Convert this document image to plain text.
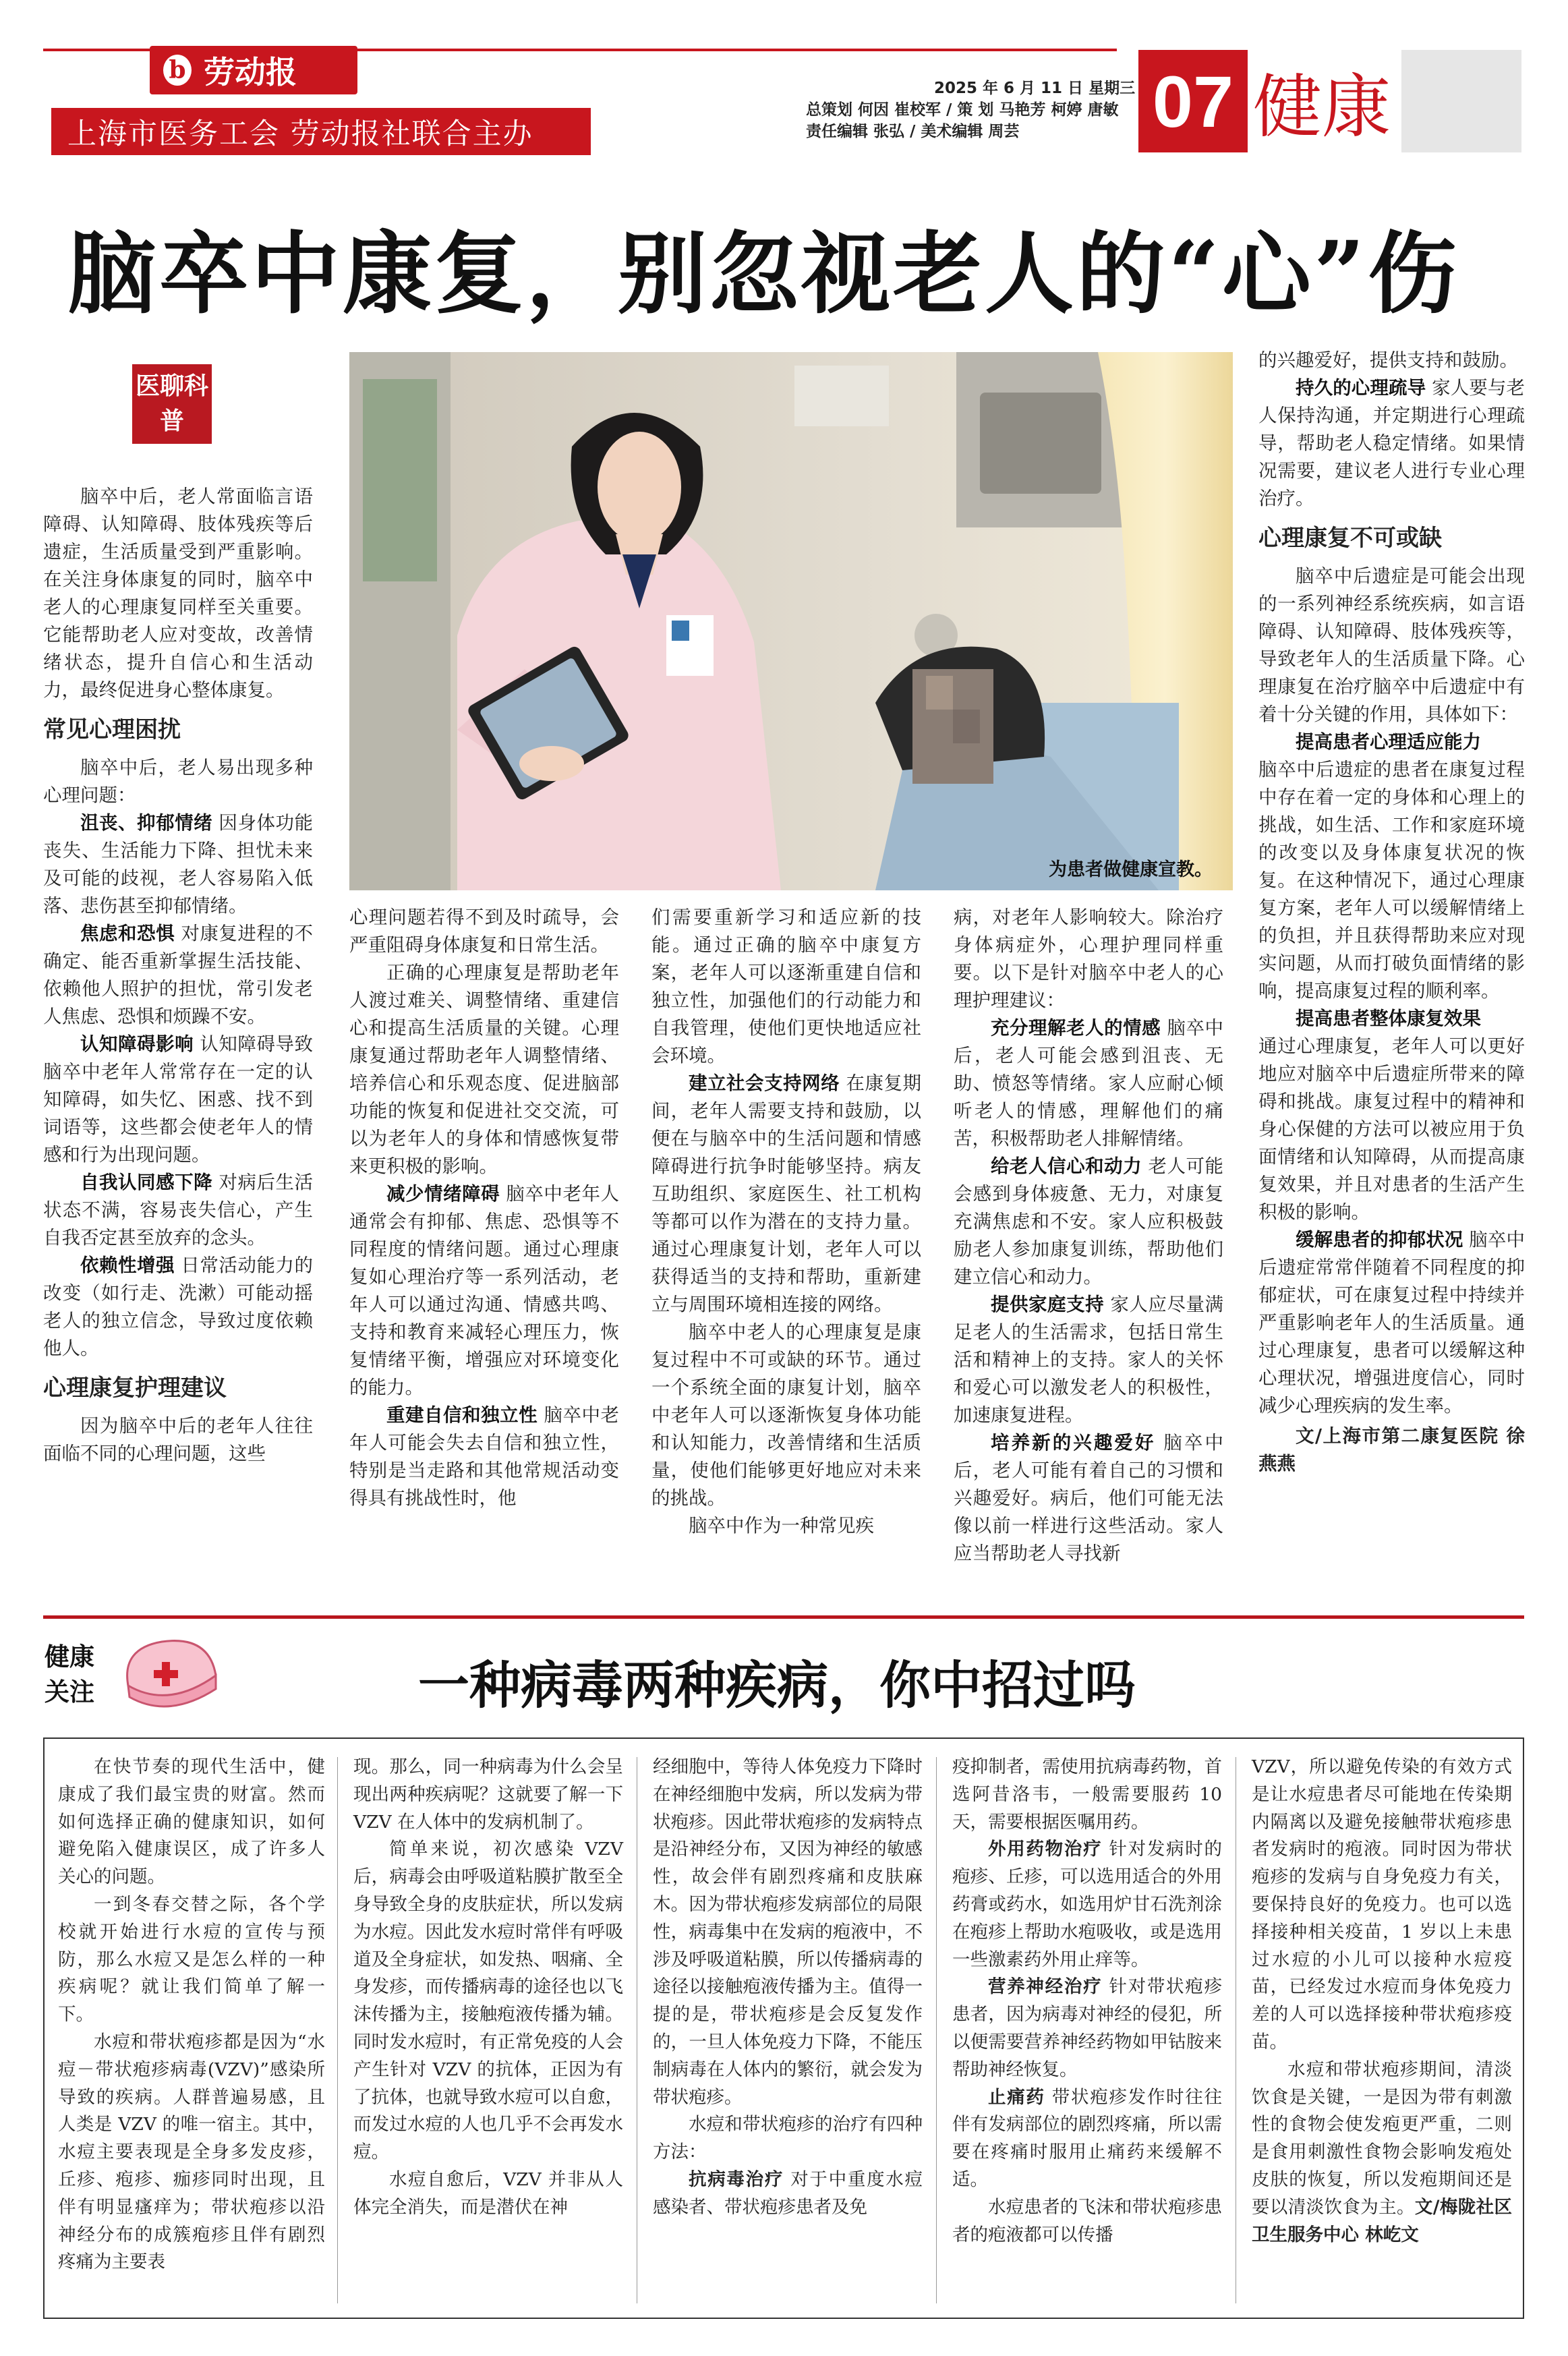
b 劳动报
上海市医务工会 劳动报社联合主办
2025 年 6 月 11 日 星期三
总策划 何因 崔校军 / 策 划 马艳芳 柯婷 唐敏
责任编辑 张弘 / 美术编辑 周芸	07 健康
脑卒中康复，别忽视老人的“心”伤
医聊科普
为患者做健康宣教。

脑卒中后，老人常面临言语障碍、认知障碍、肢体残疾等后遗症，生活质量受到严重影响。在关注身体康复的同时，脑卒中老人的心理康复同样至关重要。它能帮助老人应对变故，改善情绪状态，提升自信心和生活动力，最终促进身心整体康复。

常见心理困扰

脑卒中后，老人易出现多种心理问题：

沮丧、抑郁情绪 因身体功能丧失、生活能力下降、担忧未来及可能的歧视，老人容易陷入低落、悲伤甚至抑郁情绪。

焦虑和恐惧 对康复进程的不确定、能否重新掌握生活技能、依赖他人照护的担忧，常引发老人焦虑、恐惧和烦躁不安。

认知障碍影响 认知障碍导致脑卒中老年人常常存在一定的认知障碍，如失忆、困惑、找不到词语等，这些都会使老年人的情感和行为出现问题。

自我认同感下降 对病后生活状态不满，容易丧失信心，产生自我否定甚至放弃的念头。

依赖性增强 日常活动能力的改变（如行走、洗漱）可能动摇老人的独立信念，导致过度依赖他人。

心理康复护理建议

因为脑卒中后的老年人往往面临不同的心理问题，这些

心理问题若得不到及时疏导，会严重阻碍身体康复和日常生活。

正确的心理康复是帮助老年人渡过难关、调整情绪、重建信心和提高生活质量的关键。心理康复通过帮助老年人调整情绪、培养信心和乐观态度、促进脑部功能的恢复和促进社交交流，可以为老年人的身体和情感恢复带来更积极的影响。

减少情绪障碍 脑卒中老年人通常会有抑郁、焦虑、恐惧等不同程度的情绪问题。通过心理康复如心理治疗等一系列活动，老年人可以通过沟通、情感共鸣、支持和教育来减轻心理压力，恢复情绪平衡，增强应对环境变化的能力。

重建自信和独立性 脑卒中老年人可能会失去自信和独立性，特别是当走路和其他常规活动变得具有挑战性时，他

们需要重新学习和适应新的技能。通过正确的脑卒中康复方案，老年人可以逐渐重建自信和独立性，加强他们的行动能力和自我管理，使他们更快地适应社会环境。

建立社会支持网络 在康复期间，老年人需要支持和鼓励，以便在与脑卒中的生活问题和情感障碍进行抗争时能够坚持。病友互助组织、家庭医生、社工机构等都可以作为潜在的支持力量。通过心理康复计划，老年人可以获得适当的支持和帮助，重新建立与周围环境相连接的网络。

脑卒中老人的心理康复是康复过程中不可或缺的环节。通过一个系统全面的康复计划，脑卒中老年人可以逐渐恢复身体功能和认知能力，改善情绪和生活质量，使他们能够更好地应对未来的挑战。

脑卒中作为一种常见疾

病，对老年人影响较大。除治疗身体病症外，心理护理同样重要。以下是针对脑卒中老人的心理护理建议：

充分理解老人的情感 脑卒中后，老人可能会感到沮丧、无助、愤怒等情绪。家人应耐心倾听老人的情感，理解他们的痛苦，积极帮助老人排解情绪。

给老人信心和动力 老人可能会感到身体疲惫、无力，对康复充满焦虑和不安。家人应积极鼓励老人参加康复训练，帮助他们建立信心和动力。

提供家庭支持 家人应尽量满足老人的生活需求，包括日常生活和精神上的支持。家人的关怀和爱心可以激发老人的积极性，加速康复进程。

培养新的兴趣爱好 脑卒中后，老人可能有着自己的习惯和兴趣爱好。病后，他们可能无法像以前一样进行这些活动。家人应当帮助老人寻找新

的兴趣爱好，提供支持和鼓励。

持久的心理疏导 家人要与老人保持沟通，并定期进行心理疏导，帮助老人稳定情绪。如果情况需要，建议老人进行专业心理治疗。

心理康复不可或缺

脑卒中后遗症是可能会出现的一系列神经系统疾病，如言语障碍、认知障碍、肢体残疾等，导致老年人的生活质量下降。心理康复在治疗脑卒中后遗症中有着十分关键的作用，具体如下：

提高患者心理适应能力

脑卒中后遗症的患者在康复过程中存在着一定的身体和心理上的挑战，如生活、工作和家庭环境的改变以及身体康复状况的恢复。在这种情况下，通过心理康复方案，老年人可以缓解情绪上的负担，并且获得帮助来应对现实问题，从而打破负面情绪的影响，提高康复过程的顺利率。

提高患者整体康复效果

通过心理康复，老年人可以更好地应对脑卒中后遗症所带来的障碍和挑战。康复过程中的精神和身心保健的方法可以被应用于负面情绪和认知障碍，从而提高康复效果，并且对患者的生活产生积极的影响。

缓解患者的抑郁状况 脑卒中后遗症常常伴随着不同程度的抑郁症状，可在康复过程中持续并严重影响老年人的生活质量。通过心理康复，患者可以缓解这种心理状况，增强进度信心，同时减少心理疾病的发生率。

文/上海市第二康复医院 徐燕燕

健康关注	一种病毒两种疾病，你中招过吗

在快节奏的现代生活中，健康成了我们最宝贵的财富。然而如何选择正确的健康知识，如何避免陷入健康误区，成了许多人关心的问题。

一到冬春交替之际，各个学校就开始进行水痘的宣传与预防，那么水痘又是怎么样的一种疾病呢？就让我们简单了解一下。

水痘和带状疱疹都是因为“水痘－带状疱疹病毒(VZV)”感染所导致的疾病。人群普遍易感，且人类是 VZV 的唯一宿主。其中，水痘主要表现是全身多发皮疹，丘疹、疱疹、痂疹同时出现，且伴有明显瘙痒为；带状疱疹以沿神经分布的成簇疱疹且伴有剧烈疼痛为主要表

现。那么，同一种病毒为什么会呈现出两种疾病呢？这就要了解一下 VZV 在人体中的发病机制了。

简单来说，初次感染 VZV 后，病毒会由呼吸道粘膜扩散至全身导致全身的皮肤症状，所以发病为水痘。因此发水痘时常伴有呼吸道及全身症状，如发热、咽痛、全身发疹，而传播病毒的途径也以飞沫传播为主，接触疱液传播为辅。同时发水痘时，有正常免疫的人会产生针对 VZV 的抗体，正因为有了抗体，也就导致水痘可以自愈，而发过水痘的人也几乎不会再发水痘。

水痘自愈后，VZV 并非从人体完全消失，而是潜伏在神

经细胞中，等待人体免疫力下降时在神经细胞中发病，所以发病为带状疱疹。因此带状疱疹的发病特点是沿神经分布，又因为神经的敏感性，故会伴有剧烈疼痛和皮肤麻木。因为带状疱疹发病部位的局限性，病毒集中在发病的疱液中，不涉及呼吸道粘膜，所以传播病毒的途径以接触疱液传播为主。值得一提的是，带状疱疹是会反复发作的，一旦人体免疫力下降，不能压制病毒在人体内的繁衍，就会发为带状疱疹。

水痘和带状疱疹的治疗有四种方法：

抗病毒治疗 对于中重度水痘感染者、带状疱疹患者及免

疫抑制者，需使用抗病毒药物，首选阿昔洛韦，一般需要服药 10 天，需要根据医嘱用药。

外用药物治疗 针对发病时的疱疹、丘疹，可以选用适合的外用药膏或药水，如选用炉甘石洗剂涂在疱疹上帮助水疱吸收，或是选用一些激素药外用止痒等。

营养神经治疗 针对带状疱疹患者，因为病毒对神经的侵犯，所以便需要营养神经药物如甲钴胺来帮助神经恢复。

止痛药 带状疱疹发作时往往伴有发病部位的剧烈疼痛，所以需要在疼痛时服用止痛药来缓解不适。

水痘患者的飞沫和带状疱疹患者的疱液都可以传播

VZV，所以避免传染的有效方式是让水痘患者尽可能地在传染期内隔离以及避免接触带状疱疹患者发病时的疱液。同时因为带状疱疹的发病与自身免疫力有关，要保持良好的免疫力。也可以选择接种相关疫苗，1 岁以上未患过水痘的小儿可以接种水痘疫苗，已经发过水痘而身体免疫力差的人可以选择接种带状疱疹疫苗。

水痘和带状疱疹期间，清淡饮食是关键，一是因为带有刺激性的食物会使发疱更严重，二则是食用刺激性食物会影响发疱处皮肤的恢复，所以发疱期间还是要以清淡饮食为主。文/梅陇社区卫生服务中心 林屹文
